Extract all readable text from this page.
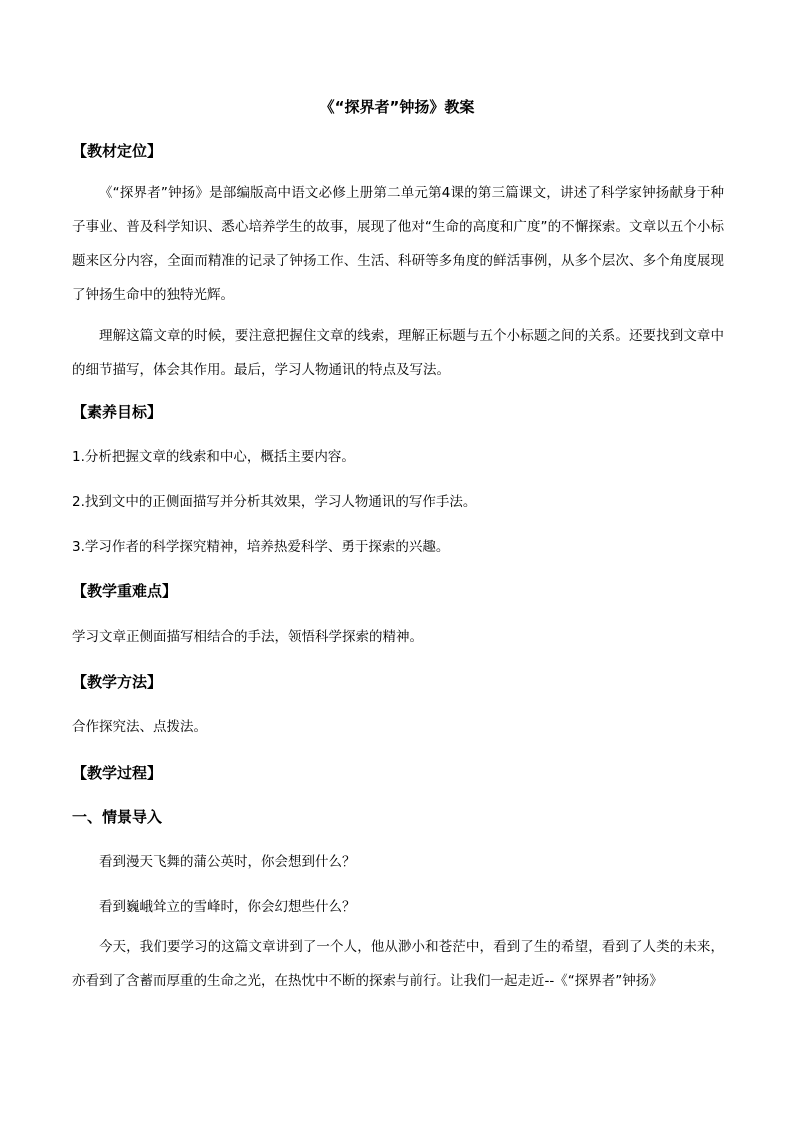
《“探界者”钟扬》教案
【教材定位】
《“探界者”钟扬》是部编版高中语文必修上册第二单元第4课的第三篇课文，讲述了科学家钟扬献身于种子事业、普及科学知识、悉心培养学生的故事，展现了他对“生命的高度和广度”的不懈探索。文章以五个小标题来区分内容，全面而精准的记录了钟扬工作、生活、科研等多角度的鲜活事例，从多个层次、多个角度展现了钟扬生命中的独特光辉。
理解这篇文章的时候，要注意把握住文章的线索，理解正标题与五个小标题之间的关系。还要找到文章中的细节描写，体会其作用。最后，学习人物通讯的特点及写法。
【素养目标】
1.分析把握文章的线索和中心，概括主要内容。
2.找到文中的正侧面描写并分析其效果，学习人物通讯的写作手法。
3.学习作者的科学探究精神，培养热爱科学、勇于探索的兴趣。
【教学重难点】
学习文章正侧面描写相结合的手法，领悟科学探索的精神。
【教学方法】
合作探究法、点拨法。
【教学过程】
一、情景导入
看到漫天飞舞的蒲公英时，你会想到什么？
看到巍峨耸立的雪峰时，你会幻想些什么？
今天，我们要学习的这篇文章讲到了一个人，他从渺小和苍茫中，看到了生的希望，看到了人类的未来，亦看到了含蓄而厚重的生命之光，在热忱中不断的探索与前行。让我们一起走近--《“探界者”钟扬》
